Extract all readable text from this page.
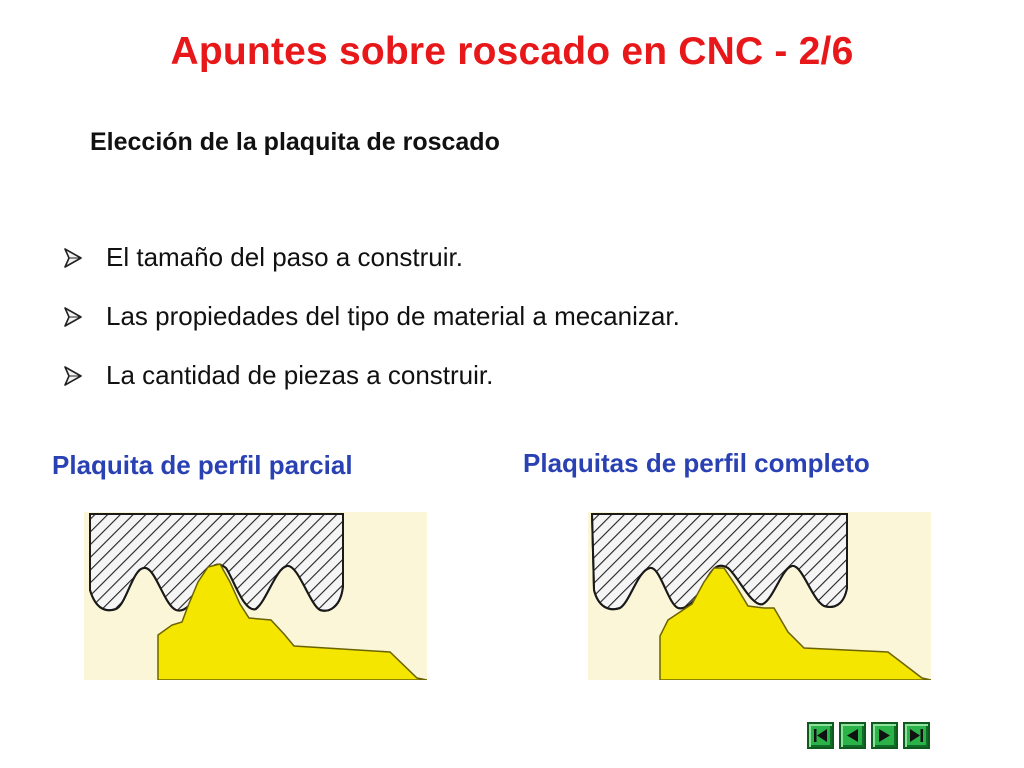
Apuntes sobre roscado en CNC - 2/6
Elección de la plaquita de roscado
El tamaño del paso a construir.
Las propiedades del tipo de material a mecanizar.
La cantidad de piezas a construir.
Plaquita de perfil parcial	Plaquitas de perfil completo
